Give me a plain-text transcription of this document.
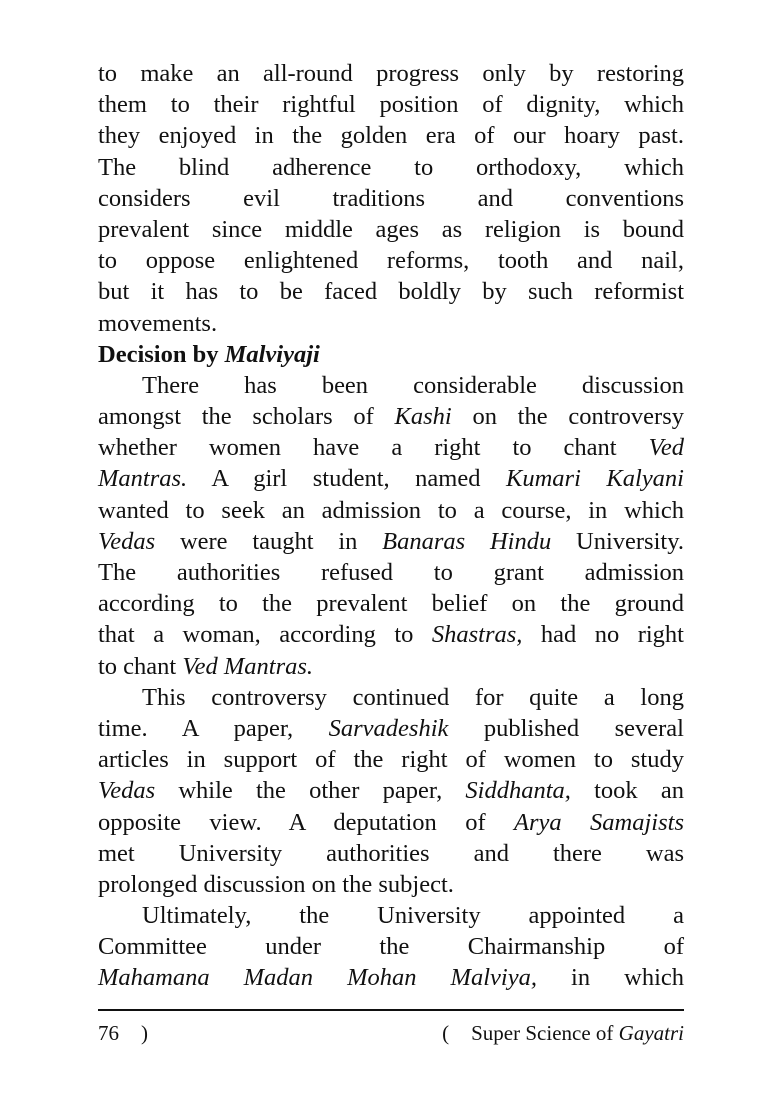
to make an all-round progress only by restoring
them to their rightful position of dignity, which
they enjoyed in the golden era of our hoary past.
The blind adherence to orthodoxy, which
considers evil traditions and conventions
prevalent since middle ages as religion is bound
to oppose enlightened reforms, tooth and nail,
but it has to be faced boldly by such reformist
movements.
Decision by Malviyaji
There has been considerable discussion
amongst the scholars of Kashi on the controversy
whether women have a right to chant Ved
Mantras. A girl student, named Kumari Kalyani
wanted to seek an admission to a course, in which
Vedas were taught in Banaras Hindu University.
The authorities refused to grant admission
according to the prevalent belief on the ground
that a woman, according to Shastras, had no right
to chant Ved Mantras.
This controversy continued for quite a long
time. A paper, Sarvadeshik published several
articles in support of the right of women to study
Vedas while the other paper, Siddhanta, took an
opposite view. A deputation of Arya Samajists
met University authorities and there was
prolonged discussion on the subject.
Ultimately, the University appointed a
Committee under the Chairmanship of
Mahamana Madan Mohan Malviya, in which
76 )	( Super Science of Gayatri
